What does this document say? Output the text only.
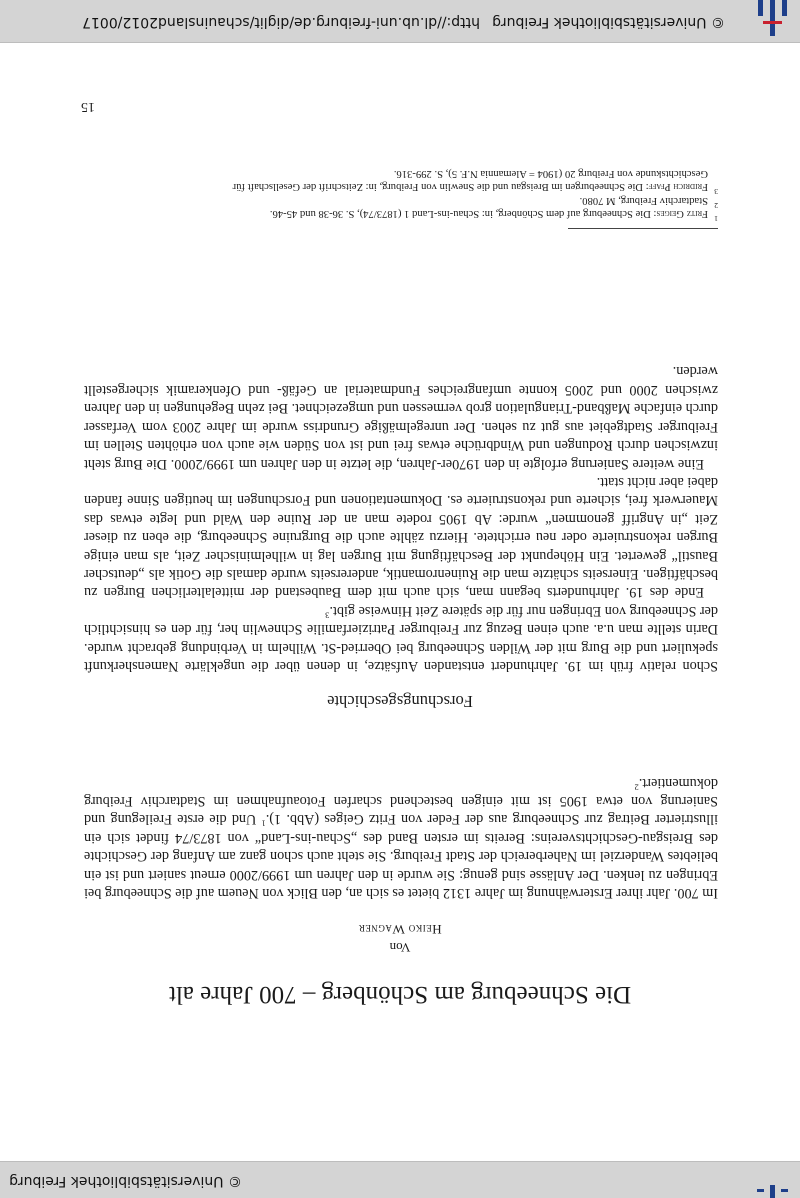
© Universitätsbibliothek Freiburg
© Universitätsbibliothek Freiburg
http://dl.ub.uni-freiburg.de/diglit/schauinsland2012/0017
Die Schneeburg am Schönberg – 700 Jahre alt
Von
Heiko Wagner

Im 700. Jahr ihrer Ersterwähnung im Jahre 1312 bietet es sich an, den Blick von Neuem auf die Schneeburg bei Ebringen zu lenken. Der Anlässe sind genug: Sie wurde in den Jahren um 1999/2000 erneut saniert und ist ein beliebtes Wanderziel im Naherbereich der Stadt Freiburg. Sie steht auch schon ganz am Anfang der Geschichte des Breisgau-Geschichtsvereins: Bereits im ersten Band des „Schau-ins-Land“ von 1873/74 findet sich ein illustrierter Beitrag zur Schneeburg aus der Feder von Fritz Geiges (Abb. 1).$^1$ Und die erste Freilegung und Sanierung von etwa 1905 ist mit einigen bestechend scharfen Fotoaufnahmen im Stadtarchiv Freiburg dokumentiert.$^2$

Forschungsgeschichte

Schon relativ früh im 19. Jahrhundert entstanden Aufsätze, in denen über die ungeklärte Namensherkunft spekuliert und die Burg mit der Wilden Schneeburg bei Oberried-St. Wilhelm in Verbindung gebracht wurde. Darin stellte man u.a. auch einen Bezug zur Freiburger Patrizierfamilie Schnewlin her, für den es hinsichtlich der Schneeburg von Ebringen nur für die spätere Zeit Hinweise gibt.$^3$

Ende des 19. Jahrhunderts begann man, sich auch mit dem Baubestand der mittelalterlichen Burgen zu beschäftigen. Einerseits schätzte man die Ruinenromantik, andererseits wurde damals die Gotik als „deutscher Baustil“ gewertet. Ein Höhepunkt der Beschäftigung mit Burgen lag in wilhelminischer Zeit, als man einige Burgen rekonstruierte oder neu errichtete. Hierzu zählte auch die Burgruine Schneeburg, die eben zu dieser Zeit „in Angriff genommen“ wurde: Ab 1905 rodete man an der Ruine den Wald und legte etwas das Mauerwerk frei, sicherte und rekonstruierte es. Dokumentationen und Forschungen im heutigen Sinne fanden dabei aber nicht statt.

Eine weitere Sanierung erfolgte in den 1970er-Jahren, die letzte in den Jahren um 1999/2000. Die Burg steht inzwischen durch Rodungen und Windbrüche etwas frei und ist von Süden wie auch von erhöhten Stellen im Freiburger Stadtgebiet aus gut zu sehen. Der unregelmäßige Grundriss wurde im Jahre 2003 vom Verfasser durch einfache Maßband-Triangulation grob vermessen und umgezeichnet. Bei zehn Begehungen in den Jahren zwischen 2000 und 2005 konnte umfangreiches Fundmaterial an Gefäß- und Ofenkeramik sichergestellt werden.

1
Fritz Geiges: Die Schneeburg auf dem Schönberg, in: Schau-ins-Land 1 (1873/74), S. 36-38 und 45-46.
2
Stadtarchiv Freiburg, M 7080.
3
Fridrich Pfaff: Die Schneeburgen im Breisgau und die Snewlin von Freiburg, in: Zeitschrift der Gesellschaft für
Geschichtskunde von Freiburg 20 (1904 = Alemannia N.F. 5), S. 299-316.
15
